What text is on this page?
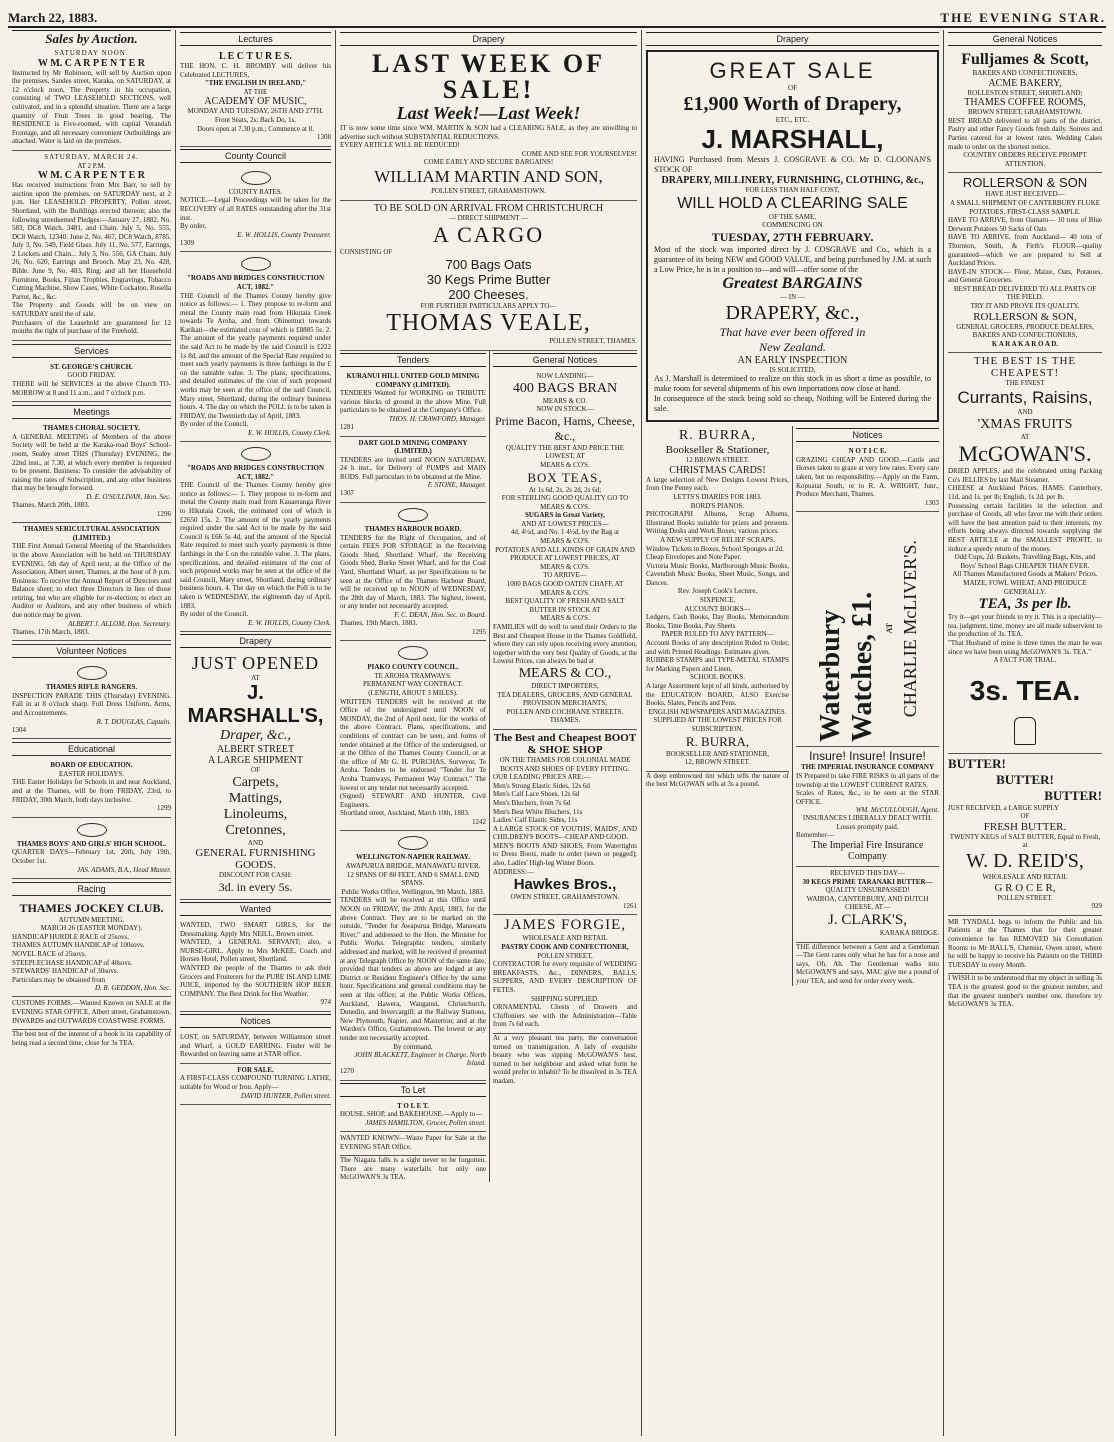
March 22, 1883.	THE EVENING STAR.
Sales by Auction.
SATURDAY NOON.
W M. C A R P E N T E R
Instructed by Mr Robinson, will sell by Auction upon the premises, Sandes street, Karaka, on SATURDAY, at 12 o'clock noon, The Property in his occupation, consisting of TWO LEASEHOLD SECTIONS, well cultivated, and in a splendid situation. There are a large quantity of Fruit Trees in good bearing. The RESIDENCE is Five-roomed, with capital Verandah Frontage, and all necessary convenient Outbuildings are attached. Water is laid on the premises.
SATURDAY, MARCH 24.
AT 2 P.M.
W M. C A R P E N T E R
Has received instructions from Mrs Barr, to sell by auction upon the premises, on SATURDAY next, at 2 p.m. Her LEASEHOLD PROPERTY, Pollen street, Shortland, with the Buildings erected thereon; also the following unredeemed Pledges:—January 27, 1882, No. 583, DC8 Watch, 3481, and Chain. July 5, No. 555, DC8 Watch, 12340. June 2, No. 467, DC8 Watch, 8785. July 3, No. 549, Field Glass. July 11, No. 577, Earrings, 2 Lockets and Chain... July 5, No. 556, GA Chain. July 26, No. 620, Earrings and Brooch. May 23, No. 428, Bible. June 9, No. 483, Ring; and all her Household Furniture, Books, Fijian Trophies, Engravings, Tobacco Cutting Machine, Show Cases, White Cockatoo, Rosella Parrot, &c., &c.
The Property and Goods will be on view on SATURDAY until the of sale.
Purchasers of the Leasehold are guaranteed for 12 months the right of purchase of the Freehold.
Services
ST. GEORGE'S CHURCH.
GOOD FRIDAY.
THERE will be SERVICES at the above Church TO-MORROW at 8 and 11 a.m., and 7 o'clock p.m.
Meetings
THAMES CHORAL SOCIETY.
A GENERAL MEETING of Members of the above Society will be held at the Karaka-road Boys' School-room, Sealey street THIS (Thursday) EVENING, the 22nd inst., at 7.30, at which every member is requested to be present. Business: To consider the advisability of raising the rates of Subscription, and any other business that may be brought forward.
D. E. O'SULLIVAN, Hon. Sec.
Thames, March 20th, 1883.
1296
THAMES SERICULTURAL ASSOCIATION (LIMITED.)
THE First Annual General Meeting of the Shareholders in the above Association will be held on THURSDAY EVENING, 5th day of April next, at the Office of the Association, Albert street, Thames, at the hour of 8 p.m. Business: To receive the Annual Report of Directors and Balance sheet; to elect three Directors in lieu of those retiring, but who are eligible for re-election; to elect an Auditor or Auditors, and any other business of which due notice may be given.
ALBERT J. ALLOM, Hon. Secretary.
Thames, 17th March, 1883.
Volunteer Notices
THAMES RIFLE RANGERS.
INSPECTION PARADE THIS (Thursday) EVENING. Fall in at 8 o'clock sharp. Full Dress Uniform, Arms, and Accoutrements.
R. T. DOUGLAS, Captain.
1304
Educational
BOARD OF EDUCATION.
EASTER HOLIDAYS.
THE Easter Holidays for Schools in and near Auckland, and at the Thames, will be from FRIDAY, 23rd, to FRIDAY, 30th March, both days inclusive.
1299
THAMES BOYS' AND GIRLS' HIGH SCHOOL.
QUARTER DAYS—February 1st, 20th, July 19th, October 1st.
JAS. ADAMS, B.A., Head Master.
Racing
THAMES JOCKEY CLUB.
AUTUMN MEETING.
MARCH 26 (EASTER MONDAY).
HANDICAP HURDLE RACE of 25sovs.
THAMES AUTUMN HANDICAP of 100sovs.
NOVEL RACE of 25sovs.
STEEPLECHASE HANDICAP of 40sovs.
STEWARDS' HANDICAP of 30sovs.
Particulars may be obtained from
D. R. GEDDON, Hon. Sec.
CUSTOMS FORMS.—Wanted Known on SALE at the EVENING STAR OFFICE, Albert street, Grahamstown, INWARDS and OUTWARDS COASTWISE FORMS.
The best test of the interest of a book is its capability of being read a second time, close for 3s TEA.
Lectures
L E C T U R E S.
THE HON. C. H. BROMBY will deliver his Celebrated LECTURES,
"THE ENGLISH IN IRELAND,"
AT THE
ACADEMY OF MUSIC,
MONDAY AND TUESDAY, 26TH AND 27TH.
Front Seats, 2s; Back Do, 1s.
Doors open at 7.30 p.m.; Commence at 8.
1308
County Council
COUNTY RATES.
NOTICE.—Legal Proceedings will be taken for the RECOVERY of all RATES outstanding after the 31st inst.
By order,
E. W. HOLLIS, County Treasurer.
1309
"ROADS AND BRIDGES CONSTRUCTION ACT, 1882."
THE Council of the Thames County hereby give notice as follows:— 1. They propose to re-form and metal the County main road from Hikutaia Creek towards Te Aroha, and from Ohinemuri towards Katikati—the estimated cost of which is £8885 5s. 2. The amount of the yearly payments required under the said Act to be made by the said Council is £222 1s 8d, and the amount of the Special Rate required to meet such yearly payments is three farthings in the £ on the rateable value. 3. The plans, specifications, and detailed estimates of the cost of such proposed works may be seen at the office of the said Council, Mary street, Shortland, during the ordinary business hours. 4. The day on which the POLL is to be taken is FRIDAY, the Twentieth day of April, 1883.
By order of the Council.
E. W. HOLLIS, County Clerk.
"ROADS AND BRIDGES CONSTRUCTION ACT, 1882."
THE Council of the Thames County hereby give notice as follows:— 1. They propose to re-form and metal the County main road from Kauaeranga River to Hikutaia Creek, the estimated cost of which is £2650 15s. 2. The amount of the yearly payments required under the said Act to be made by the said Council is £66 5s 4d, and the amount of the Special Rate required to meet such yearly payments is three farthings in the £ on the rateable value. 3. The plans, specifications, and detailed estimates of the cost of such proposed works may be seen at the office of the said Council, Mary street, Shortland, during ordinary business hours. 4. The day on which the Poll is to be taken is WEDNESDAY, the eighteenth day of April, 1883.
By order of the Council.
E. W. HOLLIS, County Clerk.
Drapery
JUST OPENED
AT
J. MARSHALL'S,
Draper, &c.,
ALBERT STREET
A LARGE SHIPMENT
OF
Carpets,
Mattings,
Linoleums,
Cretonnes,
AND
GENERAL FURNISHING
GOODS.
DISCOUNT FOR CASH:
3d. in every 5s.
Wanted
WANTED, TWO SMART GIRLS, for the Dressmaking. Apply Mrs NEILL, Brown street.
WANTED, a GENERAL SERVANT; also, a NURSE-GIRL. Apply to Mrs McKEE, Coach and Horses Hotel, Pollen street, Shortland.
WANTED the people of the Thames to ask their Grocers and Fruiterers for the PURE ISLAND LIME JUICE, imported by the SOUTHERN HOP BEER COMPANY. The Best Drink for Hot Weather.
974
Notices
LOST, on SATURDAY, between Williamson street and Wharf, a GOLD EARRING. Finder will be Rewarded on leaving same at STAR office.
FOR SALE.
A FIRST-CLASS COMPOUND TURNING LATHE, suitable for Wood or Iron. Apply—
DAVID HUNTER, Pollen street.
Drapery
LAST WEEK OF SALE!
Last Week!—Last Week!
IT is now some time since WM. MARTIN & SON had a CLEARING SALE, as they are unwilling to advertise such without SUBSTANTIAL REDUCTIONS.
EVERY ARTICLE WILL BE REDUCED!
COME AND SEE FOR YOURSELVES!
COME EARLY AND SECURE BARGAINS!
WILLIAM MARTIN AND SON,
POLLEN STREET, GRAHAMSTOWN.
TO BE SOLD ON ARRIVAL FROM CHRISTCHURCH
— DIRECT SHIPMENT —
A CARGO
CONSISTING OF
700 Bags Oats
30 Kegs Prime Butter
200 Cheeses.
FOR FURTHER PARTICULARS APPLY TO—
THOMAS VEALE,
POLLEN STREET, THAMES.
Tenders
KURANUI HILL UNITED GOLD MINING COMPANY (LIMITED).
TENDERS Wanted for WORKING on TRIBUTE various blocks of ground in the above Mine. Full particulars to be obtained at the Company's Office.
THOS. H. CRAWFORD, Manager.
1281
DART GOLD MINING COMPANY (LIMITED.)
TENDERS are invited until NOON SATURDAY, 24 h inst., for Delivery of PUMPS and MAIN RODS. Full particulars to be obtained at the Mine.
F. STONE, Manager.
1307
THAMES HARBOUR BOARD.
TENDERS for the Right of Occupation, and of certain FEES FOR STORAGE in the Receiving Goods Shed, Shortland Wharf, the Receiving Goods Shed, Burke Street Wharf, and for the Coal Yard, Shortland Wharf, as per Specifications to be seen at the Office of the Thames Harbour Board, will be received up to NOON of WEDNESDAY, the 28th day of March, 1883. The highest, lowest, or any tender not necessarily accepted.
F. C. DEAN, Hon. Sec. to Board.
Thames, 19th March, 1883.
1295
PIAKO COUNTY COUNCIL.
TE AROHA TRAMWAYS.
PERMANENT WAY CONTRACT.
(LENGTH, ABOUT 3 MILES).
WRITTEN TENDERS will be received at the Office of the undersigned until NOON of MONDAY, the 2nd of April next, for the works of the above Contract. Plans, specifications, and conditions of contract can be seen, and forms of tender obtained at the Office of the undersigned, or at the Office of the Thames County Council, or at the office of Mr G. H. PURCHAS, Surveyor, Te Aroha. Tenders to be endorsed "Tender for Te Aroha Tramways, Permanent Way Contract." The lowest or any tender not necessarily accepted.
(Signed) STEWART AND HUNTER, Civil Engineers.
Shortland street, Auckland, March 10th, 1883.
1242
WELLINGTON-NAPIER RAILWAY.
AWAPURUA BRIDGE, MANAWATU RIVER.
12 SPANS OF 80 FEET, AND 6 SMALL END SPANS.
Public Works Office, Wellington, 9th March, 1883.
TENDERS will be received at this Office until NOON on FRIDAY, the 20th April, 1883, for the above Contract. They are to be marked on the outside, "Tender for Awapurua Bridge, Manawatu River," and addressed to the Hon. the Minister for Public Works. Telegraphic tenders, similarly addressed and marked, will be received if presented at any Telegraph Office by NOON of the same date, provided that tenders as above are lodged at any District or Resident Engineer's Office by the same hour. Specifications and general conditions may be seen at this office; at the Public Works Offices, Auckland, Hawera, Wanganui, Christchurch, Dunedin, and Invercargill; at the Railway Stations, New Plymouth, Napier, and Masterton; and at the Warden's Office, Grahamstown. The lowest or any tender not necessarily accepted.
By command,
JOHN BLACKETT, Engineer in Charge, North Island.
1270
To Let
T O L E T.
HOUSE, SHOP, and BAKEHOUSE.—Apply to—
JAMES HAMILTON, Grocer, Pollen street.
WANTED KNOWN—Waste Paper for Sale at the EVENING STAR Office.
The Niagara falls is a sight never to be forgotten. There are many waterfalls but only one McGOWAN'S 3s TEA.
General Notices
NOW LANDING—
400 BAGS BRAN
MEARS & CO.
NOW IN STOCK—
Prime Bacon, Hams, Cheese, &c.,
QUALITY THE BEST AND PRICE THE LOWEST, AT
MEARS & CO'S.
BOX TEAS,
At 1s 6d, 2s, 2s 2d, 2s 6d;
FOR STERLING GOOD QUALITY GO TO
MEARS & CO'S.
SUGARS in Great Variety,
AND AT LOWEST PRICES—
4d, 4½d, and No. 1 4½d, by the Bag at
MEARS & CO'S.
POTATOES AND ALL KINDS OF GRAIN AND PRODUCE AT LOWEST PRICES, AT
MEARS & CO'S.
TO ARRIVE—
1000 BAGS GOOD OATEN CHAFF, AT
MEARS & CO'S.
BEST QUALITY OF FRESH AND SALT BUTTER IN STOCK AT
MEARS & CO'S.
FAMILIES will do well to send their Orders to the Best and Cheapest House in the Thames Goldfield, where they can rely upon receiving every attention, together with the very best Quality of Goods, at the Lowest Prices, can always be had at
MEARS & CO.,
DIRECT IMPORTERS,
TEA DEALERS, GROCERS, AND GENERAL PROVISION MERCHANTS,
POLLEN AND COCHRANE STREETS, THAMES.
The Best and Cheapest BOOT & SHOE SHOP
ON THE THAMES FOR COLONIAL MADE BOOTS AND SHOES OF EVERY FITTING.
OUR LEADING PRICES ARE:—
Men's Strong Elastic Sides, 12s 6d
Men's Calf Lace Shoes, 12s 6d
Men's Bluchers, from 7s 6d
Men's Best White Bluchers, 11s
Ladies' Calf Elastic Sides, 11s
A LARGE STOCK OF YOUTHS', MAIDS', AND CHILDREN'S BOOTS—CHEAP AND GOOD.
MEN'S BOOTS AND SHOES, From Watertights to Dress Boots, made to order (sewn or pegged); also, Ladies' High-leg Winter Boots.
ADDRESS:—
Hawkes Bros.,
OWEN STREET, GRAHAMSTOWN.
1261
JAMES FORGIE,
WHOLESALE AND RETAIL
PASTRY COOK AND CONFECTIONER,
POLLEN STREET,
CONTRACTOR for every requisite of WEDDING BREAKFASTS, &c., DINNERS, BALLS, SUPPERS, AND EVERY DESCRIPTION OF FETES.
SHIPPING SUPPLIED.
ORNAMENTAL Chests of Drawers and Chiffoniers see with the Administration—Table from 7s 6d each.
At a very pleasant tea party, the conversation turned on transmigration. A lady of exquisite beauty who was sipping McGOWAN'S best, turned to her neighbour and asked what form he would prefer to inhabit? To be dissolved in 3s TEA madam.
Drapery
GREAT SALE
OF
£1,900 Worth of Drapery,
ETC., ETC.
J. MARSHALL,
HAVING Purchased from Messrs J. COSGRAVE & CO. Mr D. CLOONAN'S STOCK OF
DRAPERY, MILLINERY, FURNISHING, CLOTHING, &c.,
FOR LESS THAN HALF COST,
WILL HOLD A CLEARING SALE
OF THE SAME,
COMMENCING ON
TUESDAY, 27TH FEBRUARY.
Most of the stock was imported direct by J. COSGRAVE and Co., which is a guarantee of its being NEW and GOOD VALUE, and being purchased by J.M. at such a Low Price, he is in a position to—and will—offer some of the
Greatest BARGAINS
— IN —
DRAPERY, &c.,
That have ever been offered in
New Zealand.
AN EARLY INSPECTION
IS SOLICITED,
As J. Marshall is determined to realize on this stock in as short a time as possible, to make room for several shipments of his own importations now close at hand.
In consequence of the stock being sold so cheap, Nothing will be Entered during the sale.
R. BURRA,
Bookseller & Stationer,
12 BROWN STREET.
CHRISTMAS CARDS!
A large selection of New Designs Lowest Prices, from One Penny each.
LETTS'S DIARIES FOR 1883.
BORD'S PIANOS.
PHOTOGRAPH Albums, Scrap Albums, Illustrated Books suitable for prizes and presents. Writing Desks and Work Boxes; various prices.
A NEW SUPPLY OF RELIEF SCRAPS.
Window Tickets in Boxes, School Sponges at 2d.
Cheap Envelopes and Note Paper.
Victoria Music Books, Marlborough Music Books, Cavendish Music Books, Sheet Music, Songs, and Dances.
Rev. Joseph Cook's Lecture,
SIXPENCE,
ACCOUNT BOOKS—
Ledgers, Cash Books, Day Books, Memorandum Books, Time Books, Pay Sheets
PAPER RULED TO ANY PATTERN—
Account Books of any description Ruled to Order, and with Printed Headings: Estimates given.
RUBBER STAMPS and TYPE-METAL STAMPS for Marking Papers and Linen.
SCHOOL BOOKS.
A large Assortment kept of all kinds, authorised by the EDUCATION BOARD, ALSO Exercise Books, Slates, Pencils and Pens.
ENGLISH NEWSPAPERS AND MAGAZINES.
SUPPLIED AT THE LOWEST PRICES FOR SUBSCRIPTION.
R. BURRA,
BOOKSELLER AND STATIONER,
12, BROWN STREET.
A deep embrowned tint which tells the nature of the best McGOWAN sells at 3s a pound.
Notices
N O T I C E.
GRAZING CHEAP AND GOOD.—Cattle and Horses taken to graze at very low rates. Every care taken, but no responsibility.—Apply on the Farm, Kopuatai South, or to R. A. WRIGHT, Junr., Produce Merchant, Thames.
1303
Waterbury Watches, £1. AT CHARLIE McLIVER'S.
Insure! Insure! Insure!
THE IMPERIAL INSURANCE COMPANY
IS Prepared to take FIRE RISKS in all parts of the township at the LOWEST CURRENT RATES.
Scales of Rates, &c., to be seen at the STAR OFFICE.
WM. McCULLOUGH, Agent.
INSURANCES LIBERALLY DEALT WITH. Losses promptly paid.
Remember—
The Imperial Fire Insurance Company
RECEIVED THIS DAY—
30 KEGS PRIME TARANAKI BUTTER—
QUALITY UNSURPASSED!
WAIROA, CANTERBURY, AND DUTCH CHEESE, AT—
J. CLARK'S,
KARAKA BRIDGE.
THE difference between a Gent and a Gentleman—The Gent cares only what he has for a nose and says, Oh, Ah. The Gentleman walks into McGOWAN'S and says, MAC give me a pound of your TEA, and send for order every week.
General Notices
Fulljames & Scott,
BAKERS AND CONFECTIONERS,
ACME BAKERY,
ROLLESTON STREET, SHORTLAND;
THAMES COFFEE ROOMS,
BROWN STREET, GRAHAMSTOWN.
BEST BREAD delivered to all parts of the district. Pastry and other Fancy Goods fresh daily. Soirees and Parties catered for at lowest rates. Wedding Cakes made to order on the shortest notice.
COUNTRY ORDERS RECEIVE PROMPT ATTENTION.
ROLLERSON & SON
HAVE JUST RECEIVED—
A SMALL SHIPMENT OF CANTERBURY FLUKE POTATOES, FIRST-CLASS SAMPLE.
HAVE TO ARRIVE, from Oamaru— 10 tons of Blue Derwent Potatoes 50 Sacks of Oats
HAVE TO ARRIVE, from Auckland— 40 tons of Thornton, Smith, & Firth's FLOUR—quality guaranteed—which we are prepared to Sell at Auckland Prices.
HAVE-IN STOCK— Flour, Maize, Oats, Potatoes, and General Groceries.
BEST BREAD DELIVERED TO ALL PARTS OF THE FIELD.
TRY IT AND PROVE ITS QUALITY.
ROLLERSON & SON,
GENERAL GROCERS, PRODUCE DEALERS, BAKERS AND CONFECTIONERS,
K A R A K A R O A D.
THE BEST IS THE CHEAPEST!
THE FINEST
Currants, Raisins,
AND
'XMAS FRUITS
AT
McGOWAN'S.
DRIED APPLES, and the celebrated utting Packing Co's JELLIES by last Mail Steamer.
CHEESE at Auckland Prices. HAMS: Canterbury, 11d, and 1s. per lb; English, 1s 2d. per lb.
Possessing certain facilities in the selection and purchase of Goods, all who favor me with their orders will have the best attention paid to their interests, my efforts being always directed towards supplying the BEST ARTICLE at the SMALLEST PROFIT, to induce a speedy return of the money.
Odd Cups, 2d. Baskets, Travelling Bags, Kits, and Boys' School Bags CHEAPER THAN EVER.
All Thames Manufactured Goods at Makers' Prices.
MAIZE, FOWL WHEAT, AND PRODUCE GENERALLY.
TEA, 3s per lb.
Try it—get your friends to try it. This is a speciality—tea, judgment, time, money are all made subservient to the production of 3s. TEA.
"That Husband of mine is three times the man he was since we have been using McGOWAN'S 3s. TEA."
A FACT FOR TRIAL.
3s. TEA.
BUTTER!
BUTTER!
BUTTER!
JUST RECEIVED, a LARGE SUPPLY
OF
FRESH BUTTER.
TWENTY KEGS of SALT BUTTER, Equal to Fresh, at
W. D. REID'S,
WHOLESALE AND RETAIL
G R O C E R,
POLLEN STREET.
929
MR TYNDALL begs to inform the Public and his Patients at the Thames that for their greater convenience he has REMOVED his Consultation Rooms to Mr HALL'S, Chemist, Owen street, where he will be happy to receive his Patients on the THIRD TUESDAY in every Month.
I WISH it to be understood that my object in selling 3s TEA is the greatest good to the greatest number, and that the greatest number's number one, therefore try McGOWAN'S 3s TEA.
